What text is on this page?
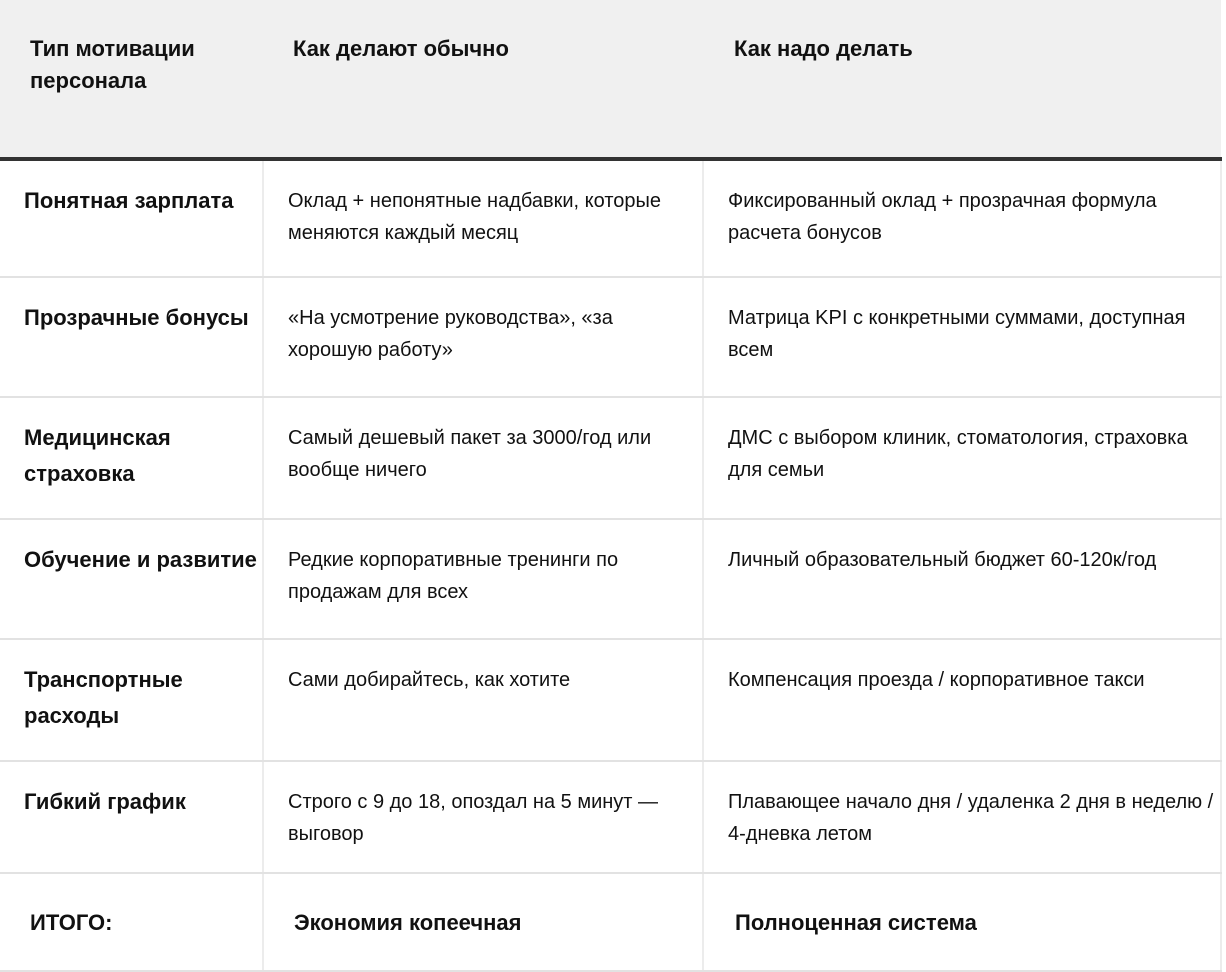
Тип мотивации персонала	Как делают обычно	Как надо делать

Понятная зарплата	Оклад + непонятные надбавки, которые меняются каждый месяц	Фиксированный оклад + прозрачная формула расчета бонусов
Прозрачные бонусы	«На усмотрение руководства», «за хорошую работу»	Матрица KPI с конкретными суммами, доступная всем
Медицинская страховка	Самый дешевый пакет за 3000/год или вообще ничего	ДМС с выбором клиник, стоматология, страховка для семьи
Обучение и развитие	Редкие корпоративные тренинги по продажам для всех	Личный образовательный бюджет 60-120к/год
Транспортные расходы	Сами добирайтесь, как хотите	Компенсация проезда / корпоративное такси
Гибкий график	Строго с 9 до 18, опоздал на 5 минут — выговор	Плавающее начало дня / удаленка 2 дня в неделю / 4-дневка летом
ИТОГО:	Экономия копеечная	Полноценная система
